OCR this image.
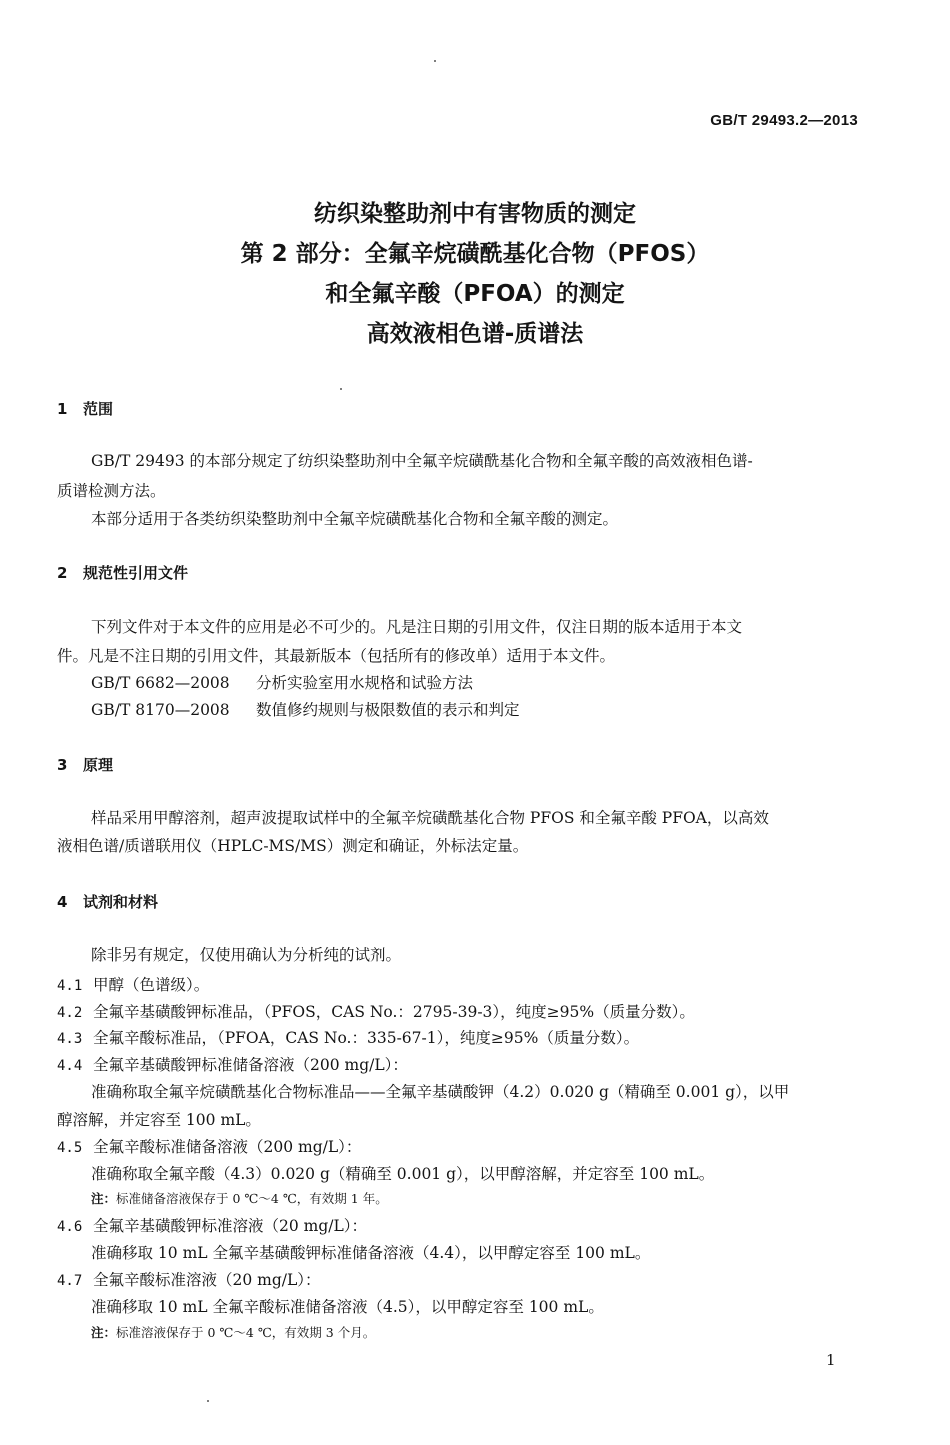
GB/T 29493.2—2013
纺织染整助剂中有害物质的测定
第 2 部分：全氟辛烷磺酰基化合物（PFOS）
和全氟辛酸（PFOA）的测定
高效液相色谱-质谱法
1 范围
GB/T 29493 的本部分规定了纺织染整助剂中全氟辛烷磺酰基化合物和全氟辛酸的高效液相色谱-
质谱检测方法。
本部分适用于各类纺织染整助剂中全氟辛烷磺酰基化合物和全氟辛酸的测定。
2 规范性引用文件
下列文件对于本文件的应用是必不可少的。凡是注日期的引用文件，仅注日期的版本适用于本文
件。凡是不注日期的引用文件，其最新版本（包括所有的修改单）适用于本文件。
GB/T 6682—2008 分析实验室用水规格和试验方法
GB/T 8170—2008 数值修约规则与极限数值的表示和判定
3 原理
样品采用甲醇溶剂，超声波提取试样中的全氟辛烷磺酰基化合物 PFOS 和全氟辛酸 PFOA，以高效
液相色谱/质谱联用仪（HPLC-MS/MS）测定和确证，外标法定量。
4 试剂和材料
除非另有规定，仅使用确认为分析纯的试剂。
4.1 甲醇（色谱级）。
4.2 全氟辛基磺酸钾标准品，（PFOS，CAS No.：2795-39-3），纯度≥95%（质量分数）。
4.3 全氟辛酸标准品，（PFOA，CAS No.：335-67-1），纯度≥95%（质量分数）。
4.4 全氟辛基磺酸钾标准储备溶液（200 mg/L）：
准确称取全氟辛烷磺酰基化合物标准品——全氟辛基磺酸钾（4.2）0.020 g（精确至 0.001 g），以甲
醇溶解，并定容至 100 mL。
4.5 全氟辛酸标准储备溶液（200 mg/L）：
准确称取全氟辛酸（4.3）0.020 g（精确至 0.001 g），以甲醇溶解，并定容至 100 mL。
注：标准储备溶液保存于 0 ℃～4 ℃，有效期 1 年。
4.6 全氟辛基磺酸钾标准溶液（20 mg/L）：
准确移取 10 mL 全氟辛基磺酸钾标准储备溶液（4.4），以甲醇定容至 100 mL。
4.7 全氟辛酸标准溶液（20 mg/L）：
准确移取 10 mL 全氟辛酸标准储备溶液（4.5），以甲醇定容至 100 mL。
注：标准溶液保存于 0 ℃～4 ℃，有效期 3 个月。
1
